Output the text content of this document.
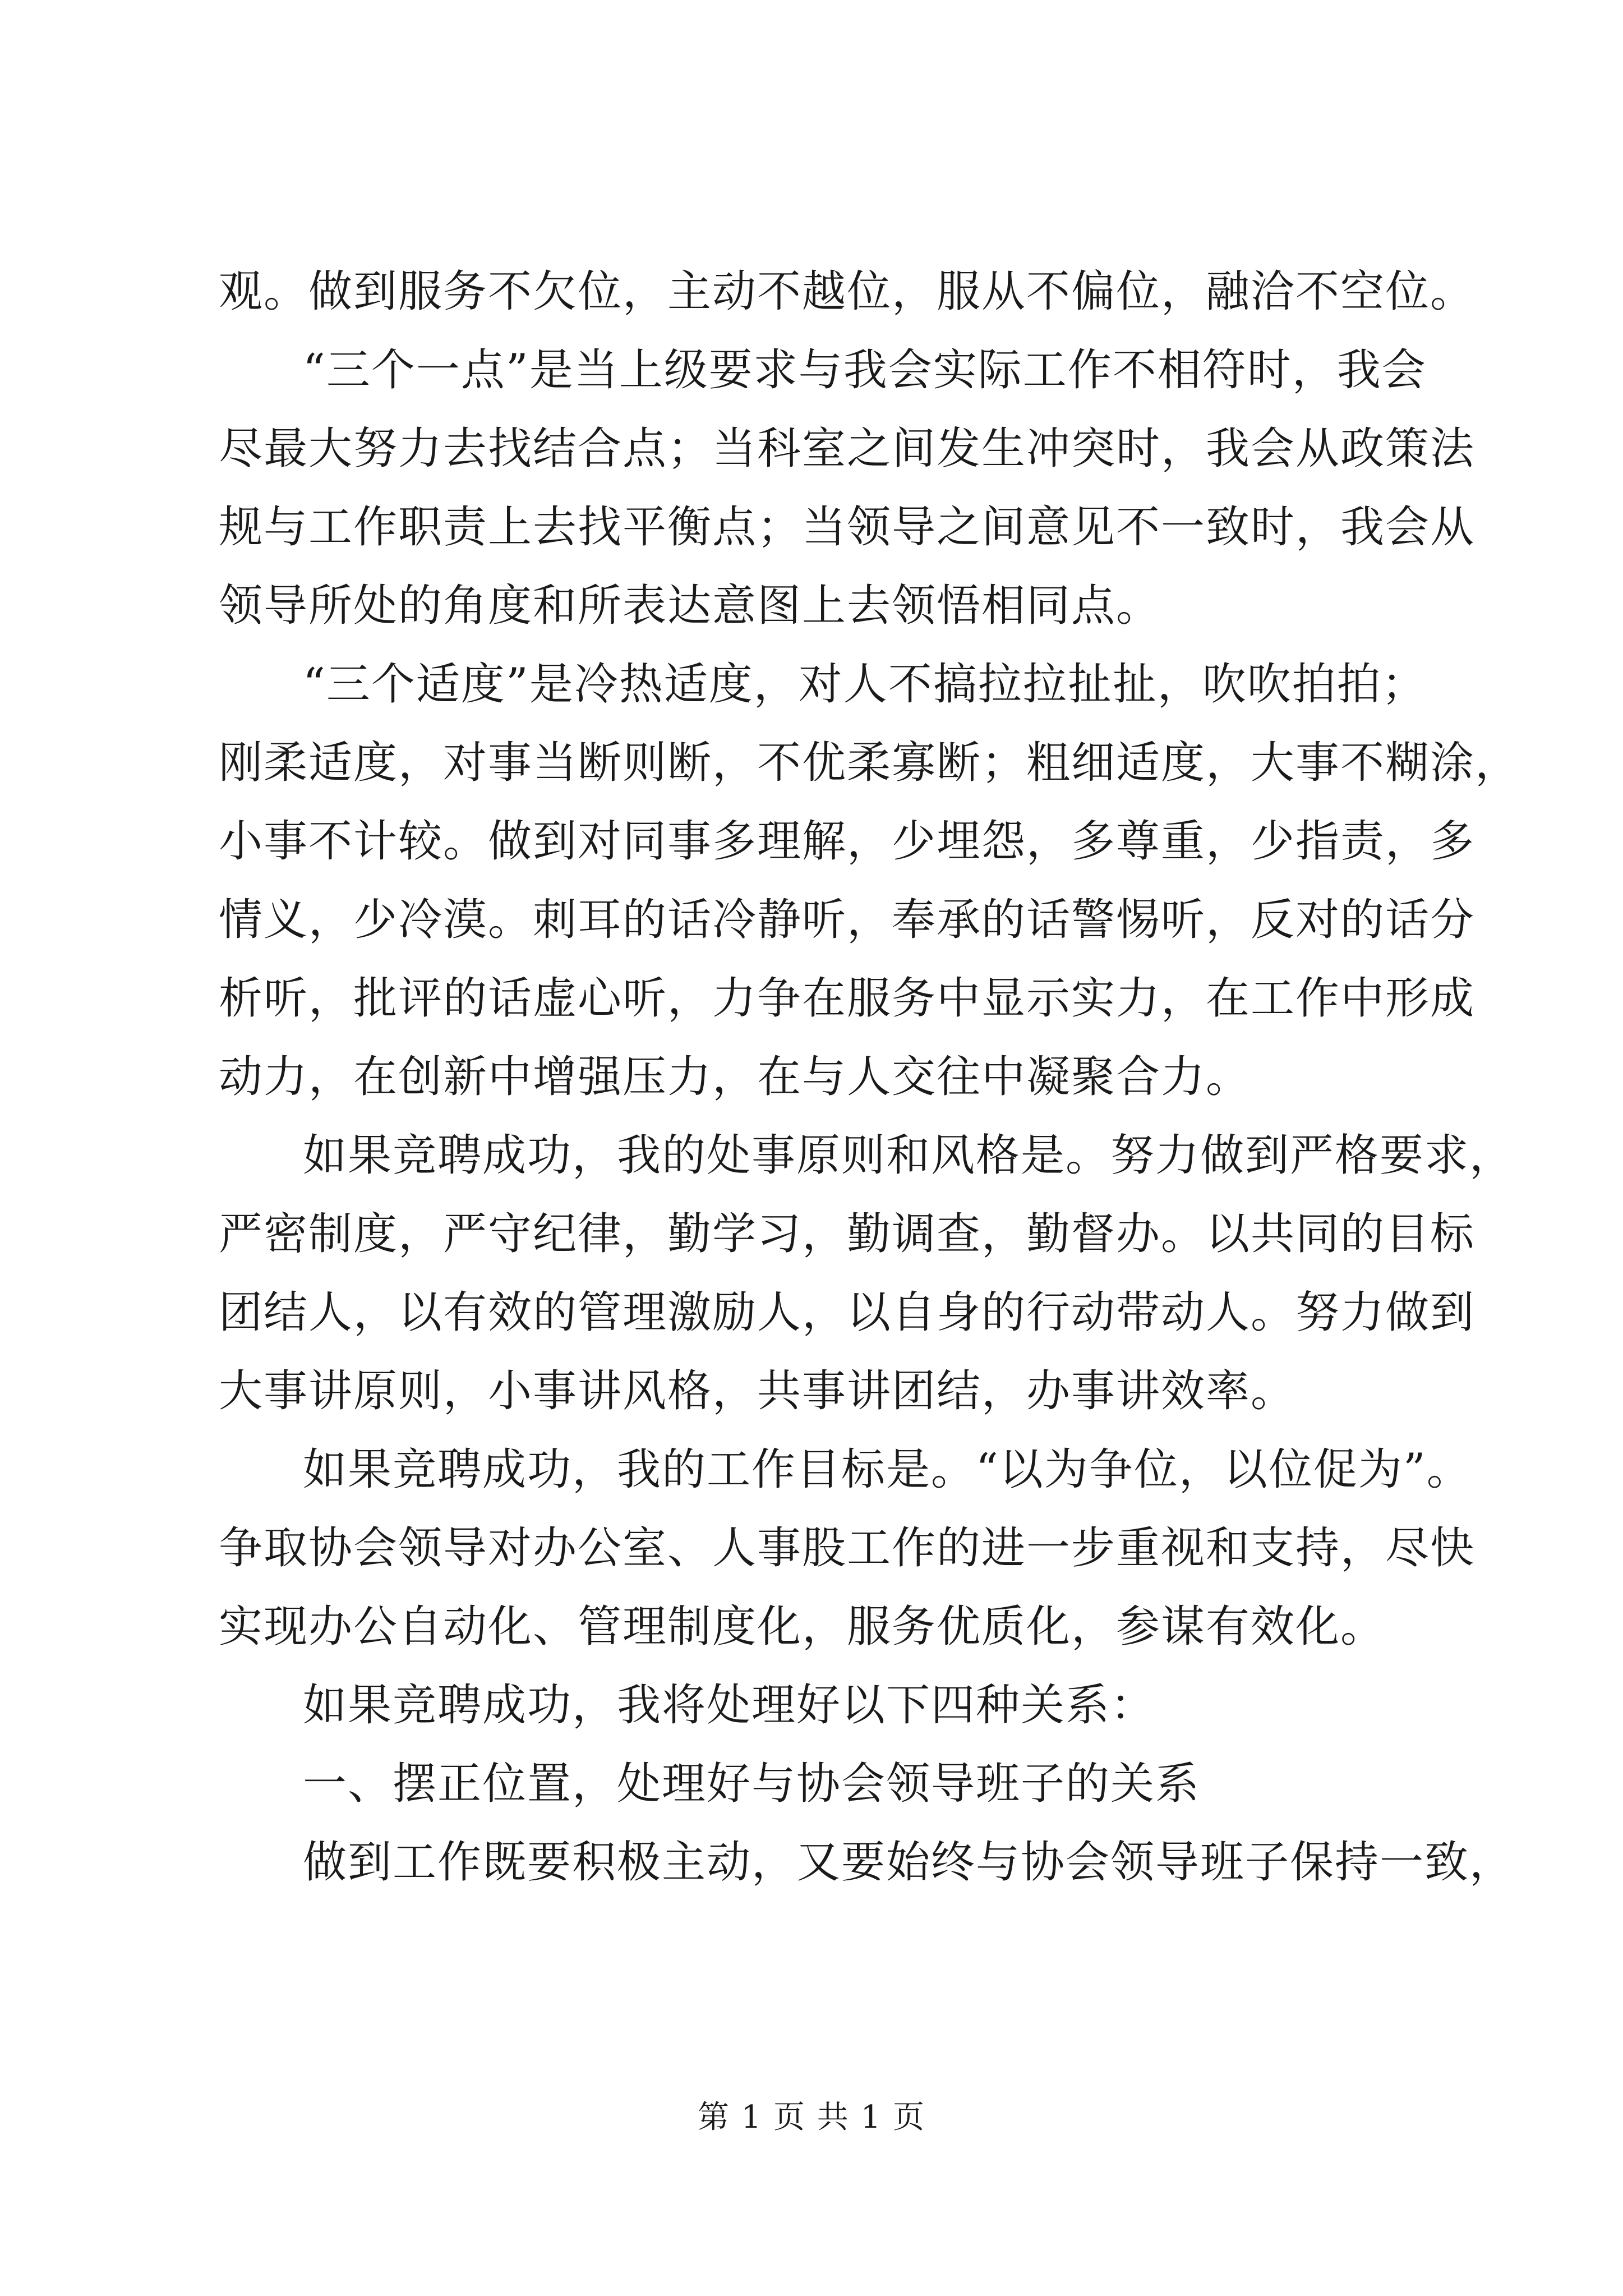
观。做到服务不欠位，主动不越位，服从不偏位，融洽不空位。
“三个一点”是当上级要求与我会实际工作不相符时，我会
尽最大努力去找结合点；当科室之间发生冲突时，我会从政策法
规与工作职责上去找平衡点；当领导之间意见不一致时，我会从
领导所处的角度和所表达意图上去领悟相同点。
“三个适度”是冷热适度，对人不搞拉拉扯扯，吹吹拍拍；
刚柔适度，对事当断则断，不优柔寡断；粗细适度，大事不糊涂，
小事不计较。做到对同事多理解，少埋怨，多尊重，少指责，多
情义，少冷漠。刺耳的话冷静听，奉承的话警惕听，反对的话分
析听，批评的话虚心听，力争在服务中显示实力，在工作中形成
动力，在创新中增强压力，在与人交往中凝聚合力。
如果竞聘成功，我的处事原则和风格是。努力做到严格要求，
严密制度，严守纪律，勤学习，勤调查，勤督办。以共同的目标
团结人，以有效的管理激励人，以自身的行动带动人。努力做到
大事讲原则，小事讲风格，共事讲团结，办事讲效率。
如果竞聘成功，我的工作目标是。“以为争位，以位促为”。
争取协会领导对办公室、人事股工作的进一步重视和支持，尽快
实现办公自动化、管理制度化，服务优质化，参谋有效化。
如果竞聘成功，我将处理好以下四种关系：
一、摆正位置，处理好与协会领导班子的关系
做到工作既要积极主动，又要始终与协会领导班子保持一致，
第 1 页 共 1 页
